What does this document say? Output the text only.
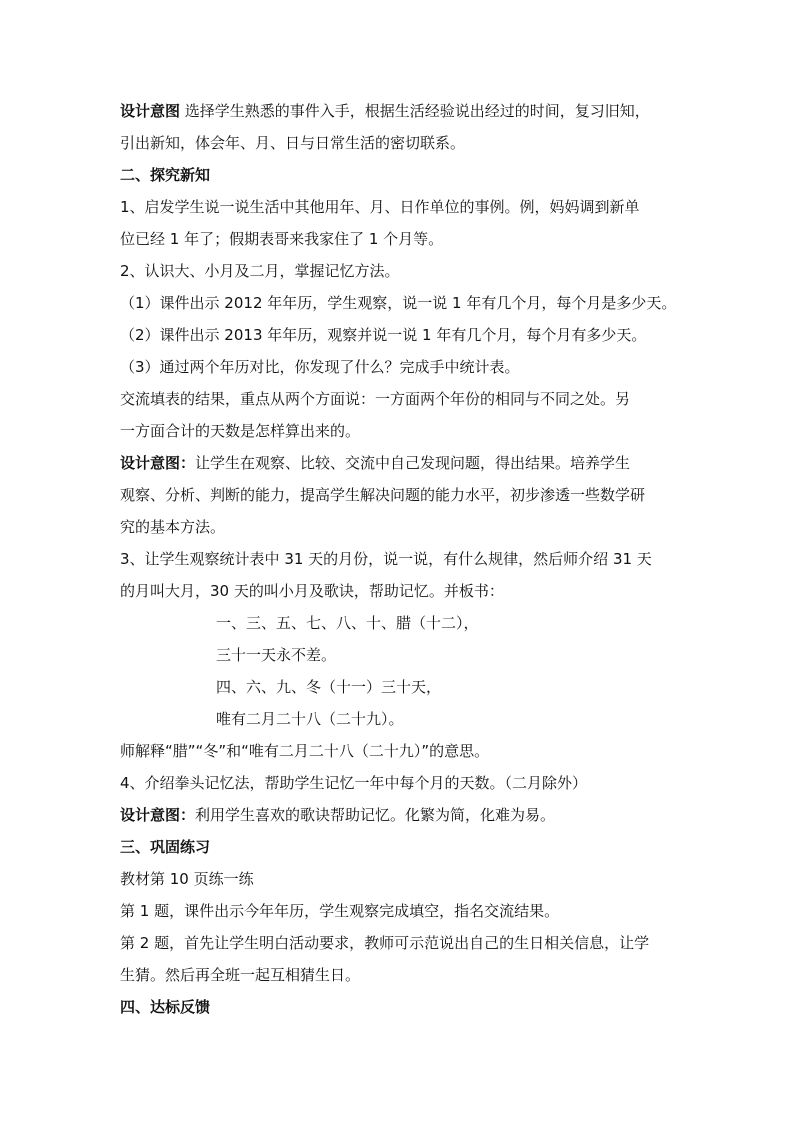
设计意图 选择学生熟悉的事件入手，根据生活经验说出经过的时间，复习旧知，
引出新知，体会年、月、日与日常生活的密切联系。
二、探究新知
1、启发学生说一说生活中其他用年、月、日作单位的事例。例，妈妈调到新单
位已经 1 年了；假期表哥来我家住了 1 个月等。
2、认识大、小月及二月，掌握记忆方法。
（1）课件出示 2012 年年历，学生观察，说一说 1 年有几个月，每个月是多少天。
（2）课件出示 2013 年年历，观察并说一说 1 年有几个月，每个月有多少天。
（3）通过两个年历对比，你发现了什么？完成手中统计表。
交流填表的结果，重点从两个方面说：一方面两个年份的相同与不同之处。另
一方面合计的天数是怎样算出来的。
设计意图：让学生在观察、比较、交流中自己发现问题，得出结果。培养学生
观察、分析、判断的能力，提高学生解决问题的能力水平，初步渗透一些数学研
究的基本方法。
3、让学生观察统计表中 31 天的月份，说一说，有什么规律，然后师介绍 31 天
的月叫大月，30 天的叫小月及歌诀，帮助记忆。并板书：
一、三、五、七、八、十、腊（十二），
三十一天永不差。
四、六、九、冬（十一）三十天，
唯有二月二十八（二十九）。
师解释“腊”“冬”和“唯有二月二十八（二十九）”的意思。
4、介绍拳头记忆法，帮助学生记忆一年中每个月的天数。（二月除外）
设计意图：利用学生喜欢的歌诀帮助记忆。化繁为简，化难为易。
三、巩固练习
教材第 10 页练一练
第 1 题，课件出示今年年历，学生观察完成填空，指名交流结果。
第 2 题，首先让学生明白活动要求，教师可示范说出自己的生日相关信息，让学
生猜。然后再全班一起互相猜生日。
四、达标反馈
